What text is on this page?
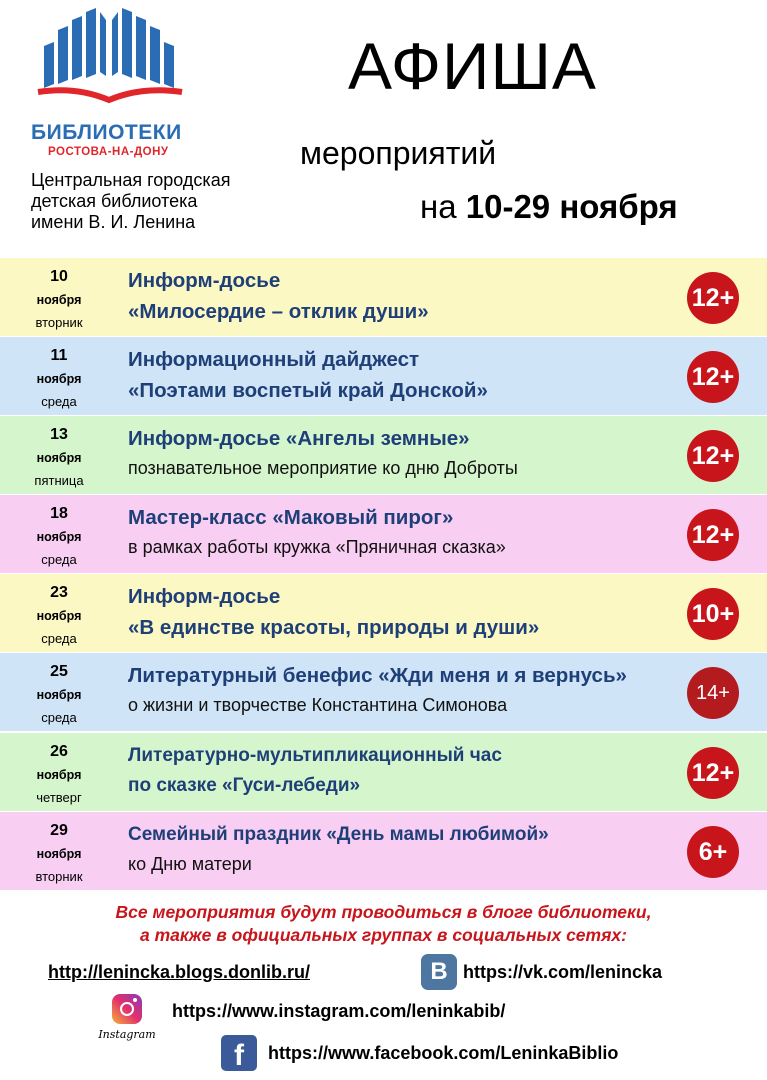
БИБЛИОТЕКИ
РОСТОВА-НА-ДОНУ
Центральная городская
детская библиотека
имени В. И. Ленина
АФИША
мероприятий
на 10-29 ноября
10
ноября
вторник
Информ-досье
«Милосердие – отклик души»	12+
11
ноября
среда
Информационный дайджест
«Поэтами воспетый край Донской»	12+
13
ноября
пятница
Информ-досье «Ангелы земные»
познавательное мероприятие ко дню Доброты	12+
18
ноября
среда
Мастер-класс «Маковый пирог»
в рамках работы кружка «Пряничная сказка»	12+
23
ноября
среда
Информ-досье
«В единстве красоты, природы и души»	10+
25
ноября
среда
Литературный бенефис «Жди меня и я вернусь»
о жизни и творчестве Константина Симонова
14+
26
ноября
четверг
Литературно-мультипликационный час
по сказке «Гуси-лебеди»	12+
29
ноября
вторник
Семейный праздник «День мамы любимой»
ко Дню матери	6+
Все мероприятия будут проводиться в блоге библиотеки,
а также в официальных группах в социальных сетях:
http://lenincka.blogs.donlib.ru/	B https://vk.com/lenincka
Instagram
https://www.instagram.com/leninkabib/
f	https://www.facebook.com/LeninkaBiblio
